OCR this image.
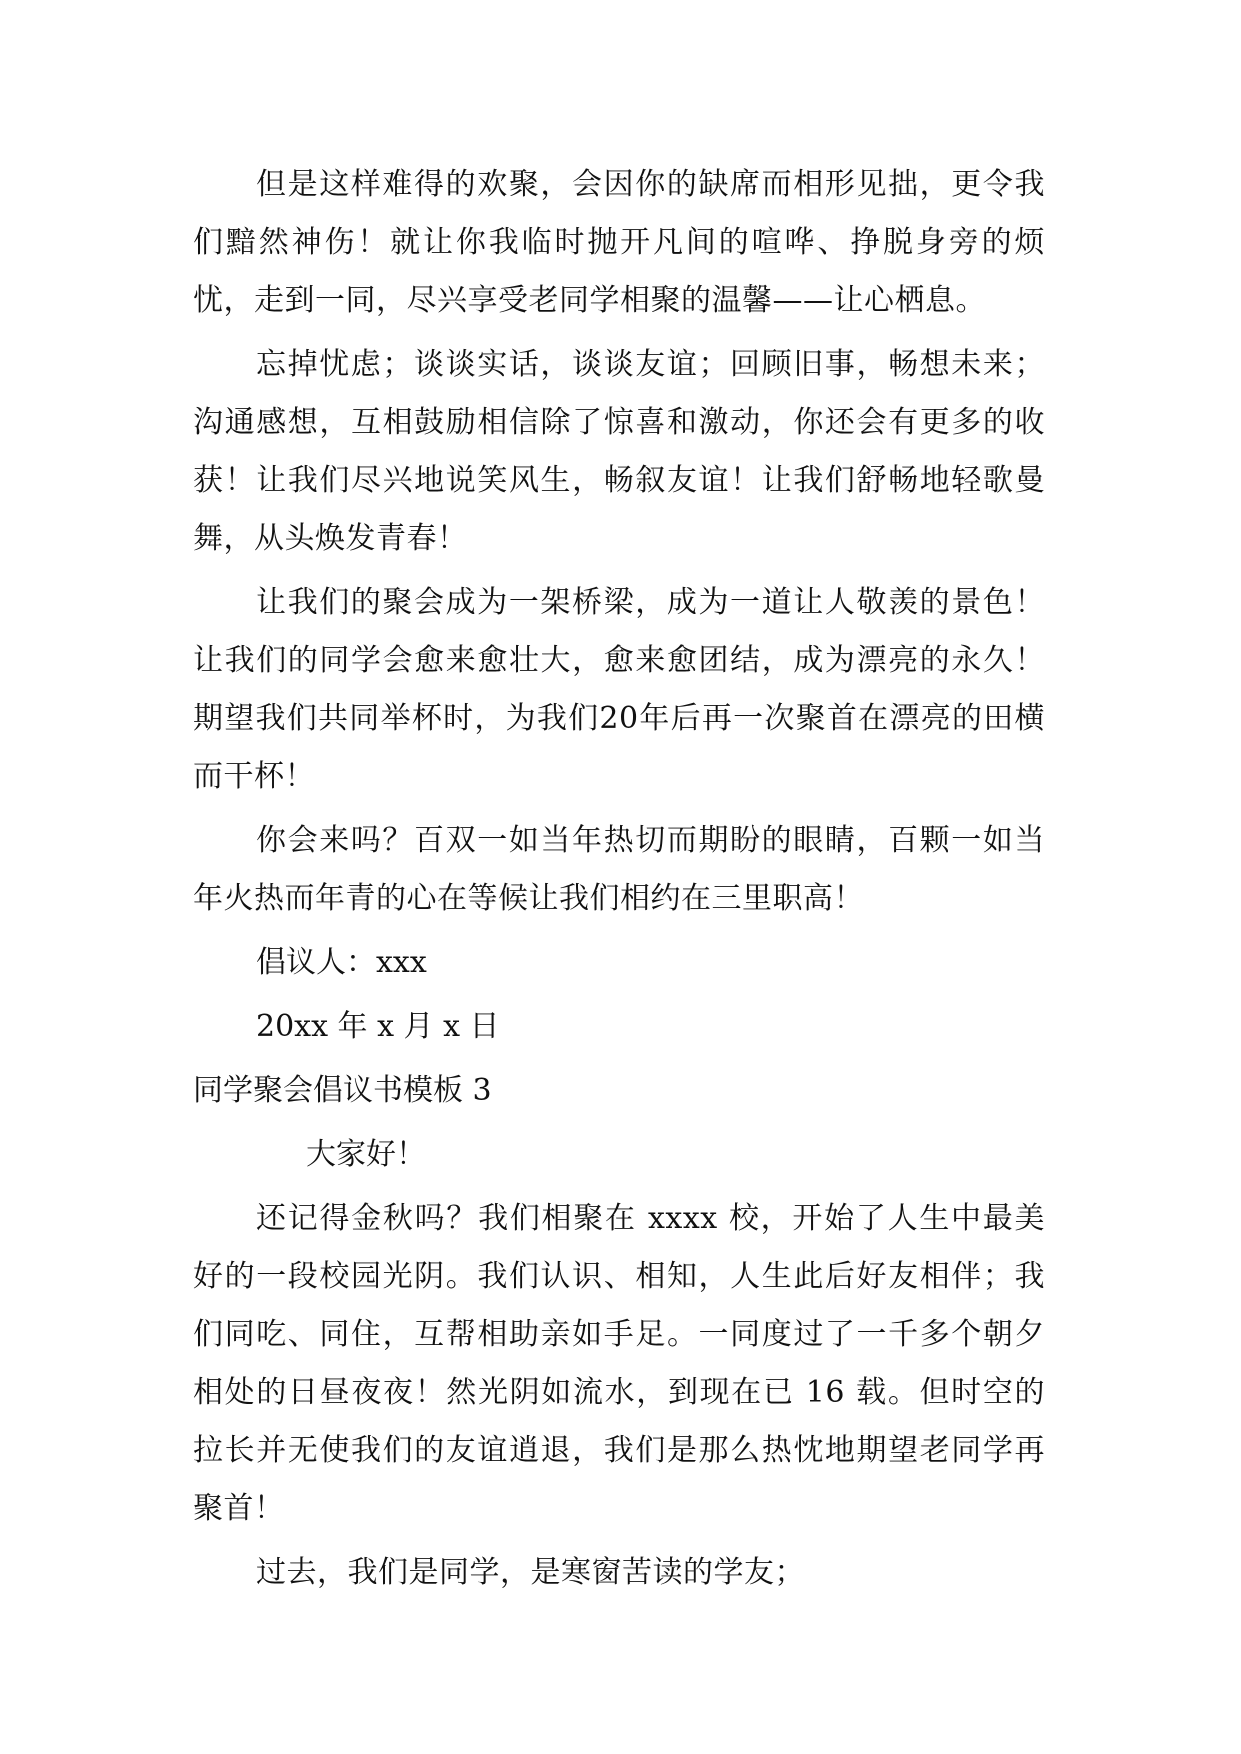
但是这样难得的欢聚，会因你的缺席而相形见拙，更令我们黯然神伤！就让你我临时抛开凡间的喧哗、挣脱身旁的烦忧，走到一同，尽兴享受老同学相聚的温馨——让心栖息。

忘掉忧虑；谈谈实话，谈谈友谊；回顾旧事，畅想未来；沟通感想，互相鼓励相信除了惊喜和激动，你还会有更多的收获！让我们尽兴地说笑风生，畅叙友谊！让我们舒畅地轻歌曼舞，从头焕发青春！

让我们的聚会成为一架桥梁，成为一道让人敬羡的景色！让我们的同学会愈来愈壮大，愈来愈团结，成为漂亮的永久！期望我们共同举杯时，为我们20年后再一次聚首在漂亮的田横而干杯！

你会来吗？百双一如当年热切而期盼的眼睛，百颗一如当年火热而年青的心在等候让我们相约在三里职高！

倡议人：xxx

20xx 年 x 月 x 日

同学聚会倡议书模板 3

大家好！

还记得金秋吗？我们相聚在 xxxx 校，开始了人生中最美好的一段校园光阴。我们认识、相知，人生此后好友相伴；我们同吃、同住，互帮相助亲如手足。一同度过了一千多个朝夕相处的日昼夜夜！然光阴如流水，到现在已 16 载。但时空的拉长并无使我们的友谊逍退，我们是那么热忱地期望老同学再聚首！

过去，我们是同学，是寒窗苦读的学友；
